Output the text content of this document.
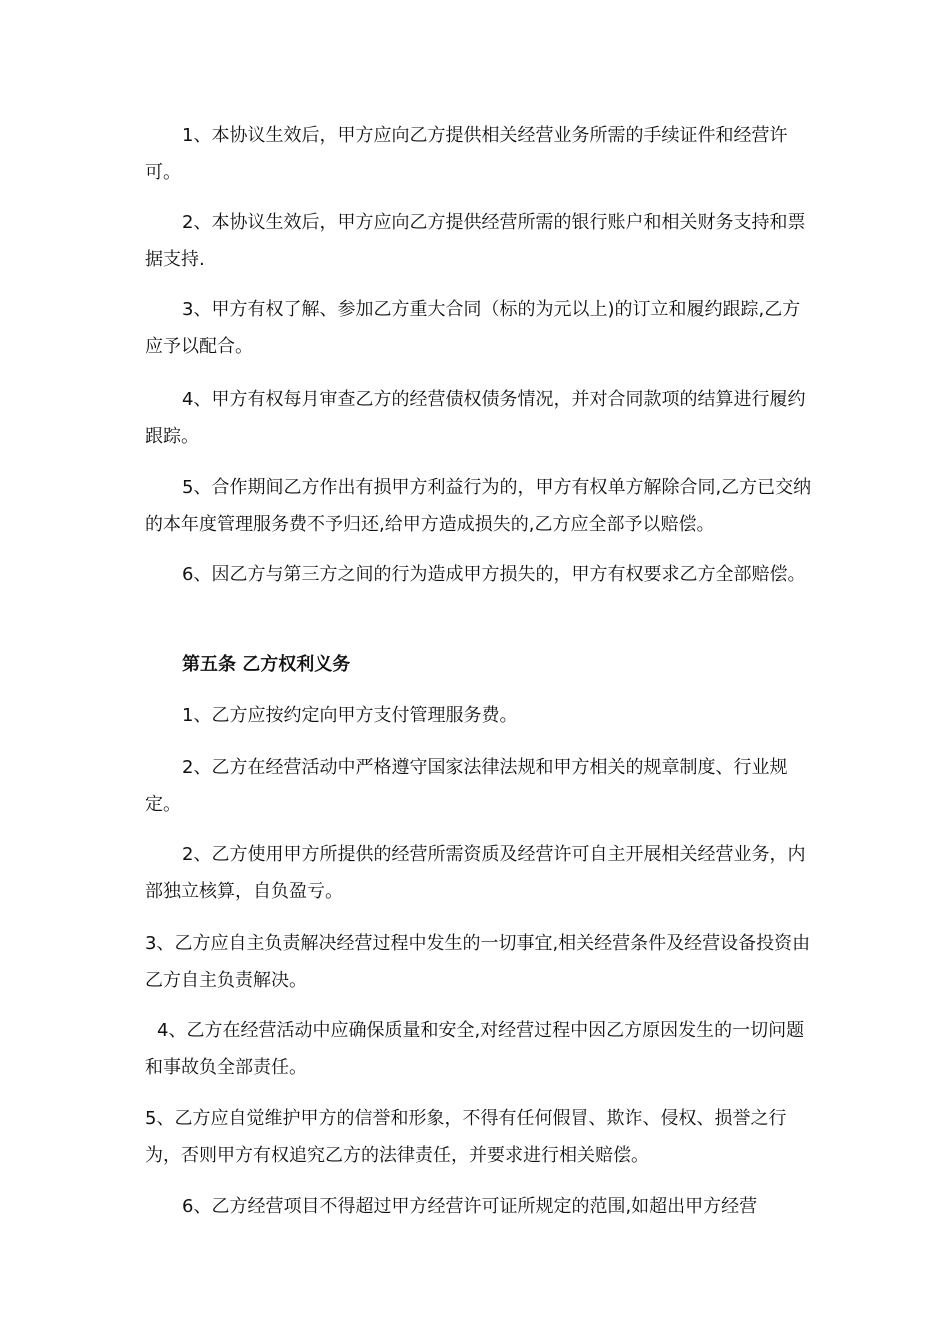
1、本协议生效后，甲方应向乙方提供相关经营业务所需的手续证件和经营许可。

2、本协议生效后，甲方应向乙方提供经营所需的银行账户和相关财务支持和票据支持.

3、甲方有权了解、参加乙方重大合同（标的为元以上)的订立和履约跟踪,乙方应予以配合。

4、甲方有权每月审查乙方的经营债权债务情况，并对合同款项的结算进行履约跟踪。

5、合作期间乙方作出有损甲方利益行为的，甲方有权单方解除合同,乙方已交纳的本年度管理服务费不予归还,给甲方造成损失的,乙方应全部予以赔偿。

6、因乙方与第三方之间的行为造成甲方损失的，甲方有权要求乙方全部赔偿。

第五条 乙方权利义务

1、乙方应按约定向甲方支付管理服务费。

2、乙方在经营活动中严格遵守国家法律法规和甲方相关的规章制度、行业规定。

2、乙方使用甲方所提供的经营所需资质及经营许可自主开展相关经营业务，内部独立核算，自负盈亏。

3、乙方应自主负责解决经营过程中发生的一切事宜,相关经营条件及经营设备投资由乙方自主负责解决。

4、乙方在经营活动中应确保质量和安全,对经营过程中因乙方原因发生的一切问题和事故负全部责任。

5、乙方应自觉维护甲方的信誉和形象，不得有任何假冒、欺诈、侵权、损誉之行为，否则甲方有权追究乙方的法律责任，并要求进行相关赔偿。

6、乙方经营项目不得超过甲方经营许可证所规定的范围,如超出甲方经营
